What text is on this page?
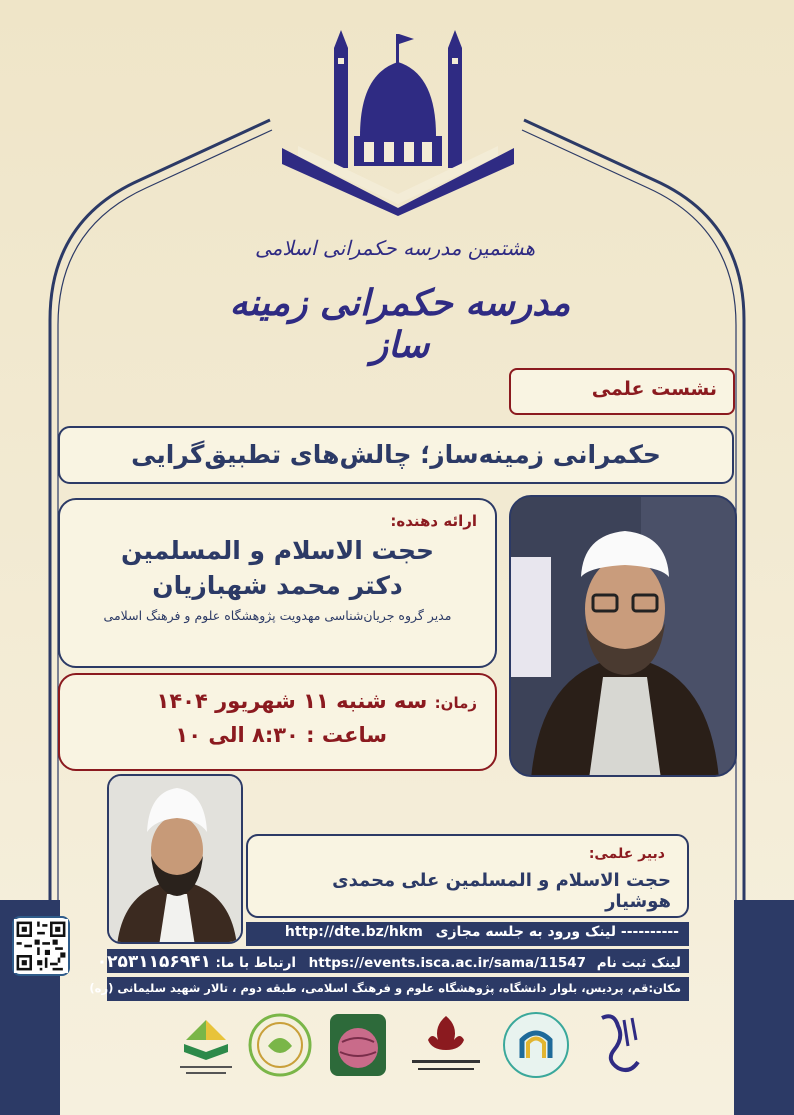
هشتمین مدرسه حکمرانی اسلامی
مدرسه حکمرانی زمینه ساز
نشست علمی
حکمرانی زمینه‌ساز؛ چالش‌های تطبیق‌گرایی
ارائه دهنده:
حجت الاسلام و المسلمین
دکتر محمد شهبازیان
مدیر گروه جریان‌شناسی مهدویت پژوهشگاه علوم و فرهنگ اسلامی
زمان: سه شنبه ۱۱ شهریور ۱۴۰۴
ساعت : ۸:۳۰ الی ۱۰
دبیر علمی:
حجت الاسلام و المسلمین علی محمدی هوشیار
---------- لینک ورود به جلسه مجازی http://dte.bz/hkm
لینک ثبت نام https://events.isca.ac.ir/sama/11547 ارتباط با ما: ۰۲۵۳۱۱۵۶۹۴۱
مکان:قم، پردیس، بلوار دانشگاه، پژوهشگاه علوم و فرهنگ اسلامی، طبقه دوم ، تالار شهید سلیمانی (ره)
